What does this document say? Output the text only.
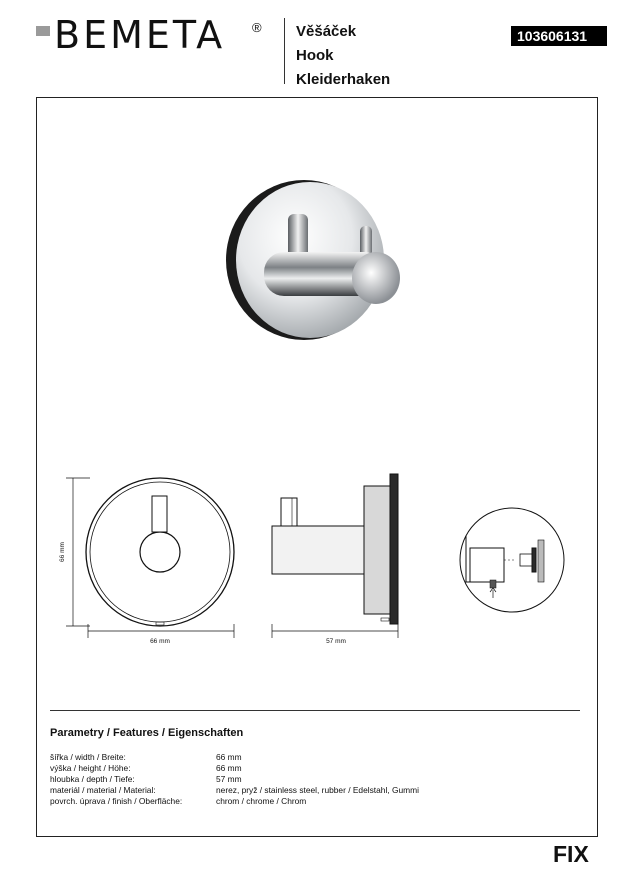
BEMETA ® Věšáček
Hook
Kleiderhaken
103606131
66 mm
66 mm	57 mm
Parametry / Features / Eigenschaften
šířka / width / Breite:	66 mm
výška / height / Höhe:	66 mm
hloubka / depth / Tiefe:	57 mm
materiál / material / Material:	nerez, pryž / stainless steel, rubber / Edelstahl, Gummi
povrch. úprava / finish / Oberfläche:	chrom / chrome / Chrom
FIX
